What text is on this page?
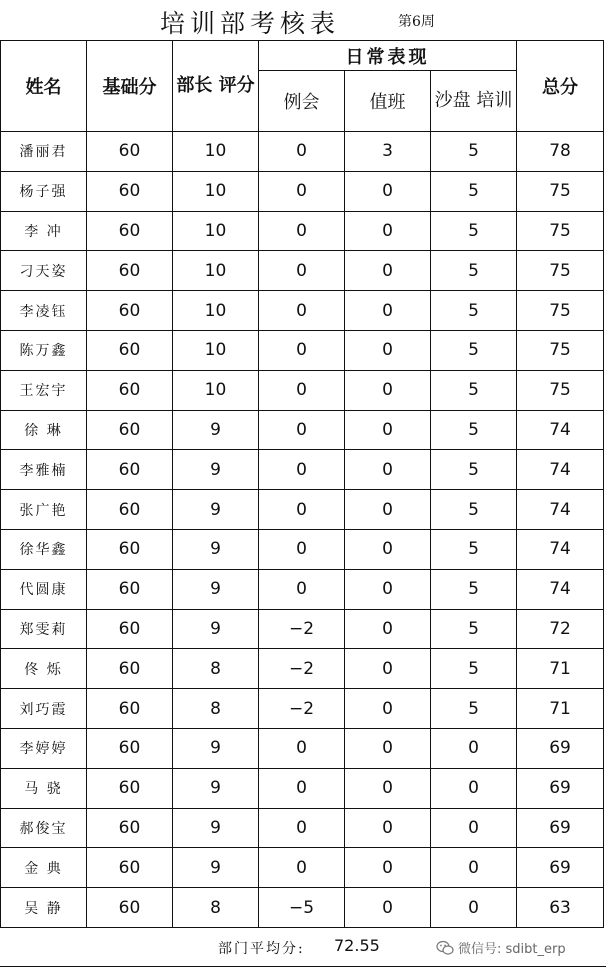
培训部考核表	第6周
姓名	基础分	部长 评分	日常表现			总分
			例会	值班	沙盘 培训	

潘丽君	60	10	0	3	5	78
杨子强	60	10	0	0	5	75
李 冲	60	10	0	0	5	75
刁天姿	60	10	0	0	5	75
李凌钰	60	10	0	0	5	75
陈万鑫	60	10	0	0	5	75
王宏宇	60	10	0	0	5	75
徐 琳	60	9	0	0	5	74
李雅楠	60	9	0	0	5	74
张广艳	60	9	0	0	5	74
徐华鑫	60	9	0	0	5	74
代圆康	60	9	0	0	5	74
郑雯莉	60	9	−2	0	5	72
佟 烁	60	8	−2	0	5	71
刘巧霞	60	8	−2	0	5	71
李婷婷	60	9	0	0	0	69
马 骁	60	9	0	0	0	69
郝俊宝	60	9	0	0	0	69
金 典	60	9	0	0	0	69
吴 静	60	8	−5	0	0	63
部门平均分: 72.55	微信号: sdibt_erp
